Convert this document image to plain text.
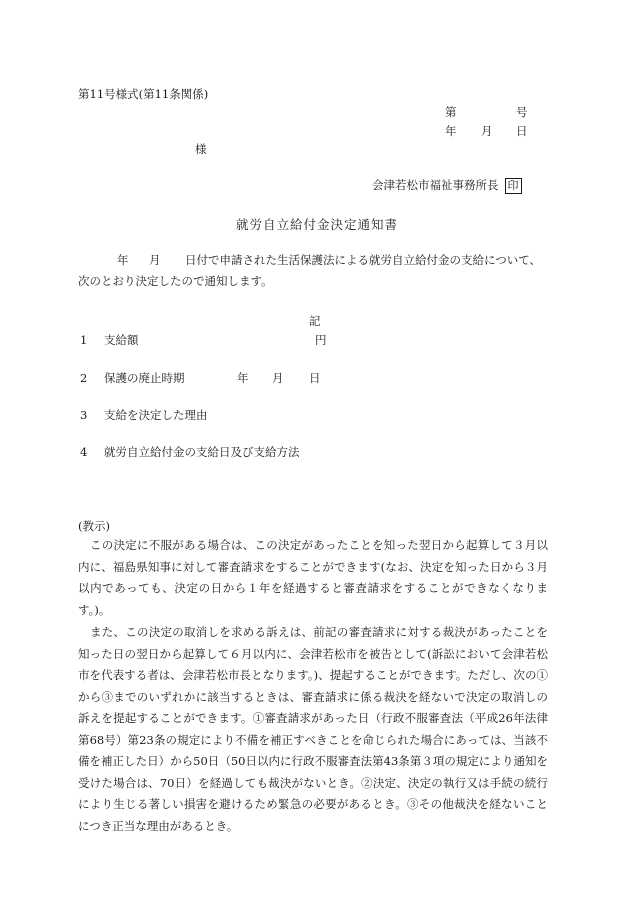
第11号様式(第11条関係)
第	号
年 月 日
様
会津若松市福祉事務所長 印
就労自立給付金決定通知書
年 月 日付で申請された生活保護法による就労自立給付金の支給について、
次のとおり決定したので通知します。
記
1 支給額	円
2 保護の廃止時期	年 月 日
3 支給を決定した理由
4 就労自立給付金の支給日及び支給方法
(教示)
この決定に不服がある場合は、この決定があったことを知った翌日から起算して３月以内に、福島県知事に対して審査請求をすることができます(なお、決定を知った日から３月以内であっても、決定の日から１年を経過すると審査請求をすることができなくなります。)。
また、この決定の取消しを求める訴えは、前記の審査請求に対する裁決があったことを知った日の翌日から起算して６月以内に、会津若松市を被告として(訴訟において会津若松市を代表する者は、会津若松市長となります。)、提起することができます。ただし、次の①から③までのいずれかに該当するときは、審査請求に係る裁決を経ないで決定の取消しの訴えを提起することができます。①審査請求があった日（行政不服審査法（平成26年法律第68号）第23条の規定により不備を補正すべきことを命じられた場合にあっては、当該不備を補正した日）から50日（50日以内に行政不服審査法第43条第３項の規定により通知を受けた場合は、70日）を経過しても裁決がないとき。②決定、決定の執行又は手続の続行により生じる著しい損害を避けるため緊急の必要があるとき。③その他裁決を経ないことにつき正当な理由があるとき。
